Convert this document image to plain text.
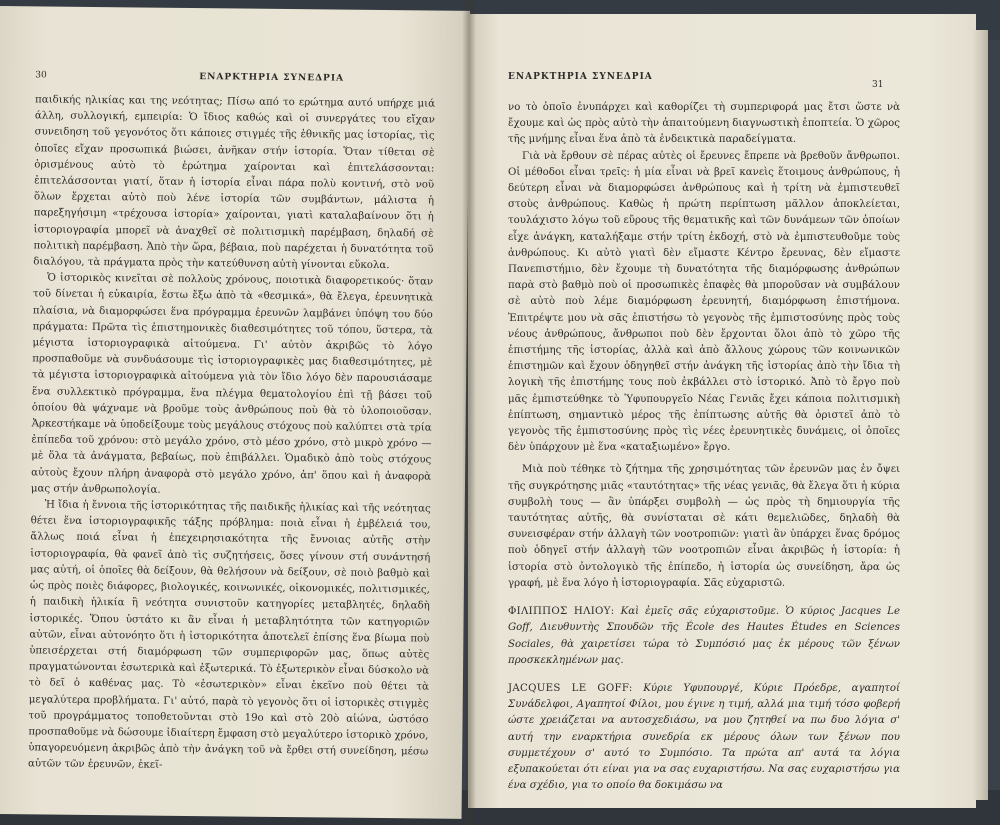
30	ΕΝΑΡΚΤΗΡΙΑ ΣΥΝΕΔΡΙΑ

παιδικής ηλικίας και της νεότητας; Πίσω από το ερώτημα αυτό υπήρχε μιά άλλη, συλλογική, εμπειρία: Ὁ ἴδιος καθώς καὶ οἱ συνεργάτες του εἴχαν συνειδηση τοῦ γεγονότος ὅτι κάποιες στιγμές τῆς ἐθνικῆς μας ἱστορίας, τὶς ὁποῖες εἴχαν προσωπικά βιώσει, ἀνῆκαν στήν ἱστορία. Ὅταν τίθεται σὲ ὁρισμένους αὐτὸ τὸ ἐρώτημα χαίρονται καὶ ἐπιτελάσσονται: ἐπιτελάσσονται γιατί, ὅταν ἡ ἱστορία εἶναι πάρα πολὺ κοντινή, στὸ νοῦ ὅλων ἔρχεται αὐτὸ ποὺ λένε ἱστορία τῶν συμβάντων, μάλιστα ἡ παρεξηγήσιμη «τρέχουσα ἱστορία» χαίρονται, γιατὶ καταλαβαίνουν ὅτι ἡ ἱστοριογραφία μπορεῖ νὰ ἀναχθεῖ σὲ πολιτισμικὴ παρέμβαση, δηλαδή σὲ πολιτικὴ παρέμβαση. Ἀπὸ τὴν ὥρα, βέβαια, ποὺ παρέχεται ἡ δυνατότητα τοῦ διαλόγου, τὰ πράγματα πρὸς τὴν κατεύθυνση αὐτὴ γίνονται εὔκολα.

Ὁ ἱστορικὸς κινεῖται σὲ πολλοὺς χρόνους, ποιοτικὰ διαφορετικούς· ὅταν τοῦ δίνεται ἡ εὐκαιρία, ἔστω ἔξω ἀπὸ τὰ «θεσμικά», θὰ ἔλεγα, ἐρευνητικὰ πλαίσια, νὰ διαμορφώσει ἕνα πρόγραμμα ἐρευνῶν λαμβάνει ὑπόψη του δύο πράγματα: Πρῶτα τὶς ἐπιστημονικὲς διαθεσιμότητες τοῦ τόπου, ὕστερα, τὰ μέγιστα ἱστοριογραφικὰ αἰτούμενα. Γι' αὐτὸν ἀκριβῶς τὸ λόγο προσπαθοῦμε νὰ συνδυάσουμε τὶς ἱστοριογραφικὲς μας διαθεσιμότητες, μὲ τὰ μέγιστα ἱστοριογραφικὰ αἰτούμενα γιὰ τὸν ἴδιο λόγο δὲν παρουσιάσαμε ἕνα συλλεκτικὸ πρόγραμμα, ἕνα πλέγμα θεματολογίου ἐπὶ τῇ βάσει τοῦ ὁποίου θὰ ψάχναμε νὰ βροῦμε τοὺς ἀνθρώπους ποὺ θὰ τὸ ὑλοποιοῦσαν. Ἀρκεστήκαμε νὰ ὑποδείξουμε τοὺς μεγάλους στόχους ποὺ καλύπτει στὰ τρία ἐπίπεδα τοῦ χρόνου: στὸ μεγάλο χρόνο, στὸ μέσο χρόνο, στὸ μικρὸ χρόνο — μὲ ὅλα τὰ ἀνάγματα, βεβαίως, ποὺ ἐπιβάλλει. Ὁμαδικὸ ἀπὸ τοὺς στόχους αὐτοὺς ἔχουν πλήρη ἀναφορὰ στὸ μεγάλο χρόνο, ἀπ' ὅπου καὶ ἡ ἀναφορὰ μας στήν ἀνθρωπολογία.

Ἡ ἴδια ἡ ἔννοια τῆς ἱστορικότητας τῆς παιδικῆς ἡλικίας καὶ τῆς νεότητας θέτει ἕνα ἱστοριογραφικῆς τάξης πρόβλημα: ποιὰ εἶναι ἡ ἐμβέλειά του, ἄλλως ποιά εἶναι ἡ ἐπεχειρησιακότητα τῆς ἔννοιας αὐτῆς στὴν ἱστοριογραφία, θὰ φανεῖ ἀπὸ τὶς συζητήσεις, ὅσες γίνουν στή συνάντησή μας αὐτή, οἱ ὁποῖες θὰ δείξουν, θὰ θελήσουν νὰ δείξουν, σὲ ποιὸ βαθμὸ καὶ ὡς πρὸς ποιὲς διάφορες, βιολογικές, κοινωνικές, οἰκονομικές, πολιτισμικές, ἡ παιδικὴ ἡλικία ἢ νεότητα συνιστοῦν κατηγορίες μεταβλητές, δηλαδὴ ἱστορικές. Ὅπου ὑστάτο κι ἂν εἶναι ἡ μεταβλητότητα τῶν κατηγοριῶν αὐτῶν, εἶναι αὐτονόητο ὅτι ἡ ἱστορικότητα ἀποτελεῖ ἐπίσης ἕνα βίωμα ποὺ ὑπεισέρχεται στή διαμόρφωση τῶν συμπεριφορῶν μας, ὅπως αὐτὲς πραγματώνονται ἐσωτερικὰ καὶ ἐξωτερικά. Τὸ ἐξωτερικὸν εἶναι δύσκολο νὰ τὸ δεῖ ὁ καθένας μας. Τὸ «ἐσωτερικὸν» εἶναι ἐκεῖνο ποὺ θέτει τὰ μεγαλύτερα προβλήματα. Γι' αὐτό, παρὰ τὸ γεγονὸς ὅτι οἱ ἱστορικὲς στιγμὲς τοῦ προγράμματος τοποθετοῦνται στὸ 19ο καὶ στὸ 20ὸ αἰώνα, ὡστόσο προσπαθοῦμε νὰ δώσουμε ἰδιαίτερη ἔμφαση στὸ μεγαλύτερο ἱστορικὸ χρόνο, ὑπαγορευόμενη ἀκριβῶς ἀπὸ τὴν ἀνάγκη τοῦ νὰ ἔρθει στή συνείδηση, μέσω αὐτῶν τῶν ἐρευνῶν, ἐκεῖ-

ΕΝΑΡΚΤΗΡΙΑ ΣΥΝΕΔΡΙΑ
31

νο τὸ ὁποῖο ἐνυπάρχει καὶ καθορίζει τὴ συμπεριφορά μας ἔτσι ὥστε νὰ ἔχουμε καὶ ὡς πρὸς αὐτὸ τὴν ἀπαιτούμενη διαγνωστικὴ ἐποπτεία. Ὁ χῶρος τῆς μνήμης εἶναι ἕνα ἀπὸ τὰ ἐνδεικτικὰ παραδείγματα.

Γιὰ νὰ ἔρθουν σὲ πέρας αὐτὲς οἱ ἔρευνες ἔπρεπε νὰ βρεθοῦν ἄνθρωποι. Οἱ μέθοδοι εἶναι τρεῖς: ἡ μία εἶναι νὰ βρεῖ κανεὶς ἕτοιμους ἀνθρώπους, ἡ δεύτερη εἶναι νὰ διαμορφώσει ἀνθρώπους καὶ ἡ τρίτη νὰ ἐμπιστευθεῖ στοὺς ἀνθρώπους. Καθὼς ἡ πρώτη περίπτωση μᾶλλον ἀποκλείεται, τουλάχιστο λόγω τοῦ εὔρους τῆς θεματικῆς καὶ τῶν δυνάμεων τῶν ὁποίων εἶχε ἀνάγκη, καταλήξαμε στήν τρίτη ἐκδοχή, στὸ νὰ ἐμπιστευθοῦμε τοὺς ἀνθρώπους. Κι αὐτὸ γιατὶ δὲν εἴμαστε Κέντρο ἔρευνας, δὲν εἴμαστε Πανεπιστήμιο, δὲν ἔχουμε τὴ δυνατότητα τῆς διαμόρφωσης ἀνθρώπων παρὰ στὸ βαθμὸ ποὺ οἱ προσωπικὲς ἐπαφὲς θὰ μποροῦσαν νὰ συμβάλουν σὲ αὐτὸ ποὺ λέμε διαμόρφωση ἐρευνητή, διαμόρφωση ἐπιστήμονα. Ἐπιτρέψτε μου νὰ σᾶς ἐπιστήσω τὸ γεγονὸς τῆς ἐμπιστοσύνης πρὸς τοὺς νέους ἀνθρώπους, ἄνθρωποι ποὺ δὲν ἔρχονται ὅλοι ἀπὸ τὸ χῶρο τῆς ἐπιστήμης τῆς ἱστορίας, ἀλλὰ καὶ ἀπὸ ἄλλους χώρους τῶν κοινωνικῶν ἐπιστημῶν καὶ ἔχουν ὁδηγηθεῖ στήν ἀνάγκη τῆς ἱστορίας ἀπὸ τὴν ἴδια τὴ λογικὴ τῆς ἐπιστήμης τους ποὺ ἐκβάλλει στὸ ἱστορικό. Ἀπὸ τὸ ἔργο ποὺ μᾶς ἐμπιστεύθηκε τὸ Ὑφυπουργεῖο Νέας Γενιᾶς ἔχει κάποια πολιτισμικὴ ἐπίπτωση, σημαντικὸ μέρος τῆς ἐπίπτωσης αὐτῆς θὰ ὁριστεῖ ἀπὸ τὸ γεγονὸς τῆς ἐμπιστοσύνης πρὸς τὶς νέες ἐρευνητικὲς δυνάμεις, οἱ ὁποῖες δὲν ὑπάρχουν μὲ ἕνα «καταξιωμένο» ἔργο.

Μιὰ ποὺ τέθηκε τὸ ζήτημα τῆς χρησιμότητας τῶν ἐρευνῶν μας ἐν ὄψει τῆς συγκρότησης μιᾶς «ταυτότητας» τῆς νέας γενιᾶς, θὰ ἔλεγα ὅτι ἡ κύρια συμβολὴ τους — ἂν ὑπάρξει συμβολὴ — ὡς πρὸς τὴ δημιουργία τῆς ταυτότητας αὐτῆς, θὰ συνίσταται σὲ κάτι θεμελιῶδες, δηλαδὴ θὰ συνεισφέραν στήν ἀλλαγὴ τῶν νοοτροπιῶν: γιατὶ ἂν ὑπάρχει ἕνας δρόμος ποὺ ὁδηγεῖ στήν ἀλλαγὴ τῶν νοοτροπιῶν εἶναι ἀκριβῶς ἡ ἱστορία: ἡ ἱστορία στὸ ὀντολογικὸ τῆς ἐπίπεδο, ἡ ἱστορία ὡς συνείδηση, ἄρα ὡς γραφή, μὲ ἕνα λόγο ἡ ἱστοριογραφία. Σᾶς εὐχαριστῶ.

ΦΙΛΙΠΠΟΣ ΗΛΙΟΥ: Καὶ ἐμεῖς σᾶς εὐχαριστοῦμε. Ὁ κύριος Jacques Le Goff, Διευθυντὴς Σπουδῶν τῆς École des Hautes Études en Sciences Sociales, θὰ χαιρετίσει τώρα τὸ Συμπόσιό μας ἐκ μέρους τῶν ξένων προσκεκλημένων μας.

JACQUES LE GOFF: Κύριε Υφυπουργέ, Κύριε Πρόεδρε, αγαπητοί Συνάδελφοι, Αγαπητοί Φίλοι, μου έγινε η τιμή, αλλά μια τιμή τόσο φοβερή ώστε χρειάζεται να αυτοσχεδιάσω, να μου ζητηθεί να πω δυο λόγια σ' αυτή την εναρκτήρια συνεδρία εκ μέρους όλων των ξένων που συμμετέχουν σ' αυτό το Συμπόσιο. Τα πρώτα απ' αυτά τα λόγια εξυπακούεται ότι είναι για να σας ευχαριστήσω. Να σας ευχαριστήσω για ένα σχέδιο, για το οποίο θα δοκιμάσω να
